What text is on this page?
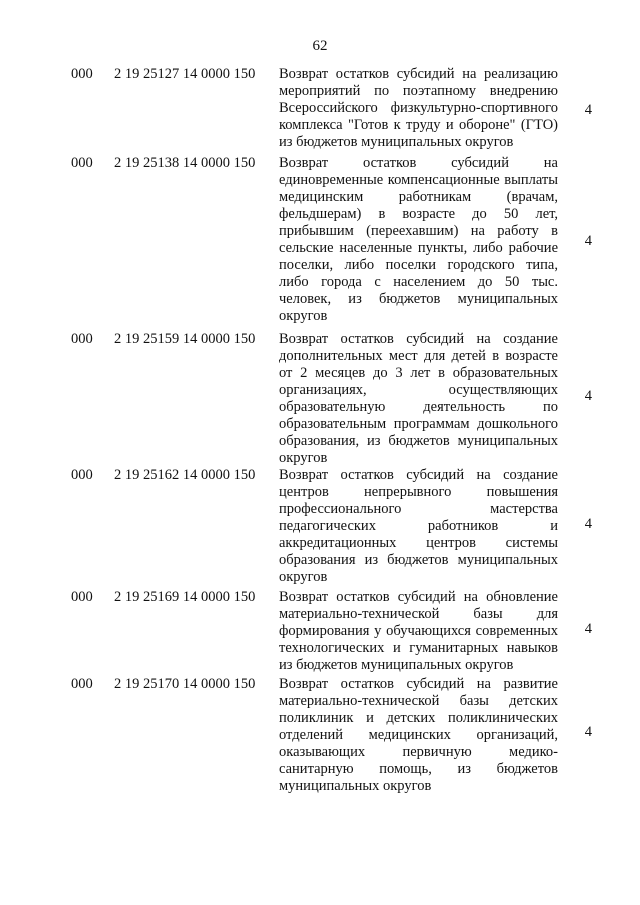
62
000 2 19 25127 14 0000 150 Возврат остатков субсидий на реализацию мероприятий по поэтапному внедрению Всероссийского физкультурно-спортивного комплекса "Готов к труду и обороне" (ГТО) из бюджетов муниципальных округов
4
000 2 19 25138 14 0000 150 Возврат остатков субсидий на единовременные компенсационные выплаты медицинским работникам (врачам, фельдшерам) в возрасте до 50 лет, прибывшим (переехавшим) на работу в сельские населенные пункты, либо рабочие поселки, либо поселки городского типа, либо города с населением до 50 тыс. человек, из бюджетов муниципальных округов
4
000 2 19 25159 14 0000 150 Возврат остатков субсидий на создание дополнительных мест для детей в возрасте от 2 месяцев до 3 лет в образовательных организациях, осуществляющих образовательную деятельность по образовательным программам дошкольного образования, из бюджетов муниципальных округов
4
000 2 19 25162 14 0000 150 Возврат остатков субсидий на создание центров непрерывного повышения профессионального мастерства педагогических работников и аккредитационных центров системы образования из бюджетов муниципальных округов
4
000 2 19 25169 14 0000 150 Возврат остатков субсидий на обновление материально-технической базы для формирования у обучающихся современных технологических и гуманитарных навыков из бюджетов муниципальных округов
4
000 2 19 25170 14 0000 150 Возврат остатков субсидий на развитие материально-технической базы детских поликлиник и детских поликлинических отделений медицинских организаций, оказывающих первичную медико-санитарную помощь, из бюджетов муниципальных округов
4
